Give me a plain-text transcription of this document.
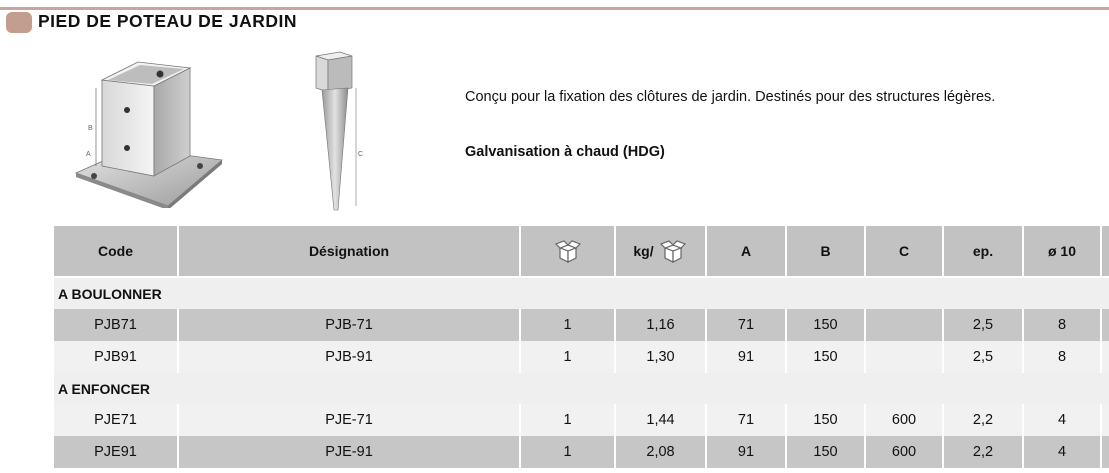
PIED DE POTEAU DE JARDIN
B
A	C
Conçu pour la fixation des clôtures de jardin. Destinés pour des structures légères.
Galvanisation à chaud (HDG)
Code	Désignation		kg/	A	B	C	ep.	ø 10	
A BOULONNER									
PJB71	PJB-71	1	1,16	71	150		2,5	8	
PJB91	PJB-91	1	1,30	91	150		2,5	8	
A ENFONCER									
PJE71	PJE-71	1	1,44	71	150	600	2,2	4	
PJE91	PJE-91	1	2,08	91	150	600	2,2	4	
